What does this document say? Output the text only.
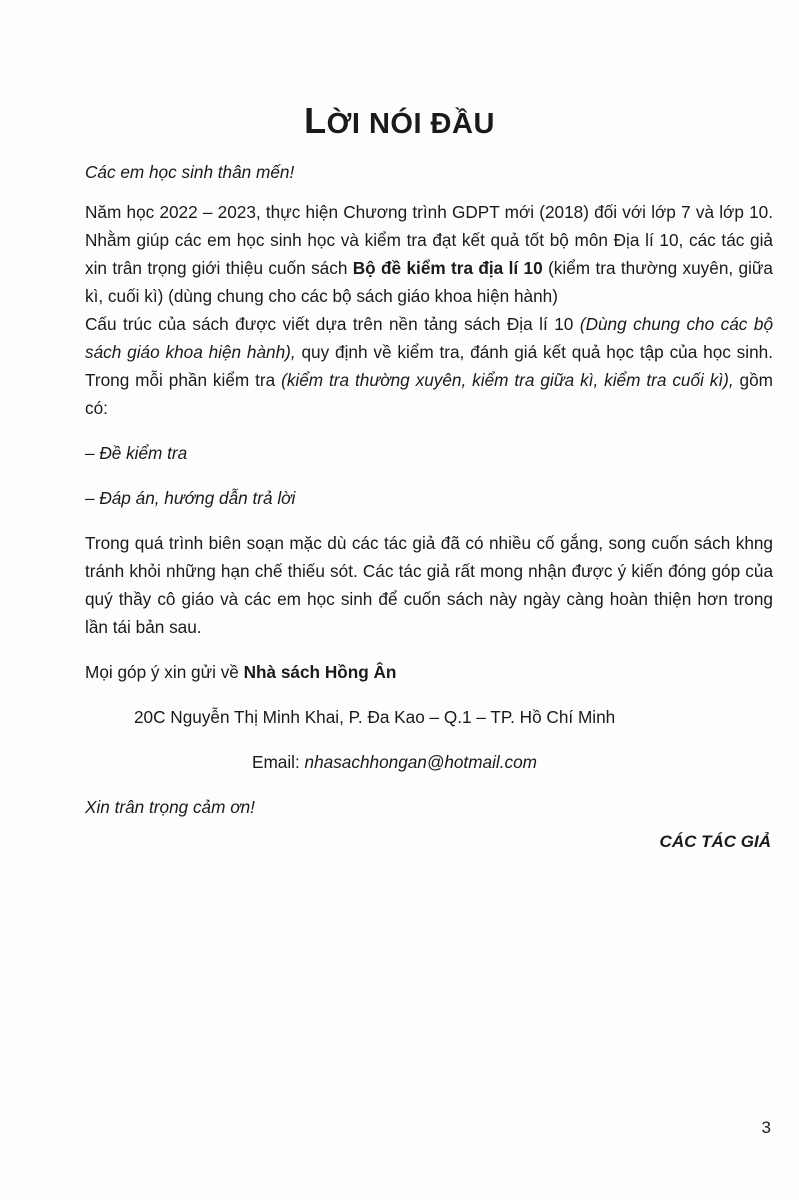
LỜI NÓI ĐẦU

Các em học sinh thân mến!

Năm học 2022 – 2023, thực hiện Chương trình GDPT mới (2018) đối với lớp 7 và lớp 10. Nhằm giúp các em học sinh học và kiểm tra đạt kết quả tốt bộ môn Địa lí 10, các tác giả xin trân trọng giới thiệu cuốn sách Bộ đề kiểm tra địa lí 10 (kiểm tra thường xuyên, giữa kì, cuối kì) (dùng chung cho các bộ sách giáo khoa hiện hành)

Cấu trúc của sách được viết dựa trên nền tảng sách Địa lí 10 (Dùng chung cho các bộ sách giáo khoa hiện hành), quy định về kiểm tra, đánh giá kết quả học tập của học sinh. Trong mỗi phần kiểm tra (kiểm tra thường xuyên, kiểm tra giữa kì, kiểm tra cuối kì), gồm có:

– Đề kiểm tra

– Đáp án, hướng dẫn trả lời

Trong quá trình biên soạn mặc dù các tác giả đã có nhiều cố gắng, song cuốn sách khng tránh khỏi những hạn chế thiếu sót. Các tác giả rất mong nhận được ý kiến đóng góp của quý thầy cô giáo và các em học sinh để cuốn sách này ngày càng hoàn thiện hơn trong lần tái bản sau.

Mọi góp ý xin gửi về Nhà sách Hồng Ân

20C Nguyễn Thị Minh Khai, P. Đa Kao – Q.1 – TP. Hồ Chí Minh

Email: nhasachhongan@hotmail.com

Xin trân trọng cảm ơn!

CÁC TÁC GIẢ
3
